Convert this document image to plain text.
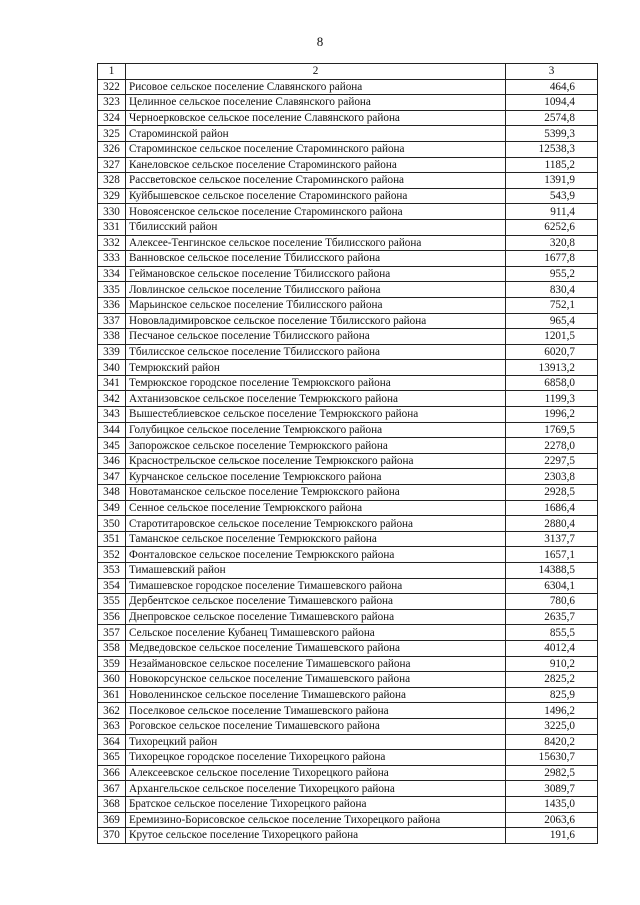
8
1	2	3
322	Рисовое сельское поселение Славянского района	464,6
323	Целинное сельское поселение Славянского района	1094,4
324	Черноерковское сельское поселение Славянского района	2574,8
325	Староминской район	5399,3
326	Староминское сельское поселение Староминского района	12538,3
327	Канеловское сельское поселение Староминского района	1185,2
328	Рассветовское сельское поселение Староминского района	1391,9
329	Куйбышевское сельское поселение Староминского района	543,9
330	Новоясенское сельское поселение Староминского района	911,4
331	Тбилисский район	6252,6
332	Алексее-Тенгинское сельское поселение Тбилисского района	320,8
333	Ванновское сельское поселение Тбилисского района	1677,8
334	Геймановское сельское поселение Тбилисского района	955,2
335	Ловлинское сельское поселение Тбилисского района	830,4
336	Марьинское сельское поселение Тбилисского района	752,1
337	Нововладимировское сельское поселение Тбилисского района	965,4
338	Песчаное сельское поселение Тбилисского района	1201,5
339	Тбилисское сельское поселение Тбилисского района	6020,7
340	Темрюкский район	13913,2
341	Темрюкское городское поселение Темрюкского района	6858,0
342	Ахтанизовское сельское поселение Темрюкского района	1199,3
343	Вышестеблиевское сельское поселение Темрюкского района	1996,2
344	Голубицкое сельское поселение Темрюкского района	1769,5
345	Запорожское сельское поселение Темрюкского района	2278,0
346	Краснострельское сельское поселение Темрюкского района	2297,5
347	Курчанское сельское поселение Темрюкского района	2303,8
348	Новотаманское сельское поселение Темрюкского района	2928,5
349	Сенное сельское поселение Темрюкского района	1686,4
350	Старотитаровское сельское поселение Темрюкского района	2880,4
351	Таманское сельское поселение Темрюкского района	3137,7
352	Фонталовское сельское поселение Темрюкского района	1657,1
353	Тимашевский район	14388,5
354	Тимашевское городское поселение Тимашевского района	6304,1
355	Дербентское сельское поселение Тимашевского района	780,6
356	Днепровское сельское поселение Тимашевского района	2635,7
357	Сельское поселение Кубанец Тимашевского района	855,5
358	Медведовское сельское поселение Тимашевского района	4012,4
359	Незаймановское сельское поселение Тимашевского района	910,2
360	Новокорсунское сельское поселение Тимашевского района	2825,2
361	Новоленинское сельское поселение Тимашевского района	825,9
362	Поселковое сельское поселение Тимашевского района	1496,2
363	Роговское сельское поселение Тимашевского района	3225,0
364	Тихорецкий район	8420,2
365	Тихорецкое городское поселение Тихорецкого района	15630,7
366	Алексеевское сельское поселение Тихорецкого района	2982,5
367	Архангельское сельское поселение Тихорецкого района	3089,7
368	Братское сельское поселение Тихорецкого района	1435,0
369	Еремизино-Борисовское сельское поселение Тихорецкого района	2063,6
370	Крутое сельское поселение Тихорецкого района	191,6
